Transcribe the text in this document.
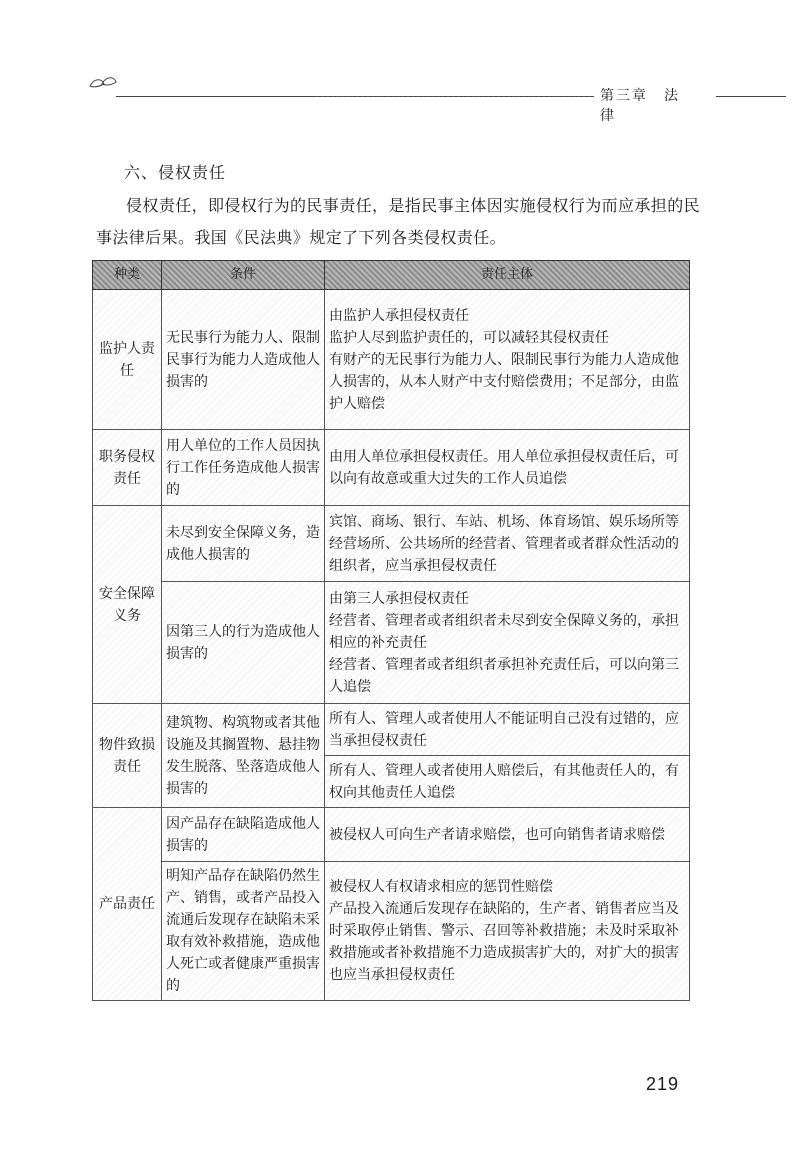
第三章　法律
六、侵权责任
侵权责任，即侵权行为的民事责任，是指民事主体因实施侵权行为而应承担的民事法律后果。我国《民法典》规定了下列各类侵权责任。
种类	条件	责任主体
监护人责任	无民事行为能力人、限制民事行为能力人造成他人损害的	由监护人承担侵权责任
监护人尽到监护责任的，可以减轻其侵权责任
有财产的无民事行为能力人、限制民事行为能力人造成他人损害的，从本人财产中支付赔偿费用；不足部分，由监护人赔偿

职务侵权责任	用人单位的工作人员因执行工作任务造成他人损害的	由用人单位承担侵权责任。用人单位承担侵权责任后，可以向有故意或重大过失的工作人员追偿

安全保障义务	未尽到安全保障义务，造成他人损害的	宾馆、商场、银行、车站、机场、体育场馆、娱乐场所等经营场所、公共场所的经营者、管理者或者群众性活动的组织者，应当承担侵权责任

	因第三人的行为造成他人损害的	由第三人承担侵权责任
经营者、管理者或者组织者未尽到安全保障义务的，承担相应的补充责任
经营者、管理者或者组织者承担补充责任后，可以向第三人追偿

物件致损责任	建筑物、构筑物或者其他设施及其搁置物、悬挂物发生脱落、坠落造成他人损害的	所有人、管理人或者使用人不能证明自己没有过错的，应当承担侵权责任

		所有人、管理人或者使用人赔偿后，有其他责任人的，有权向其他责任人追偿

产品责任	因产品存在缺陷造成他人损害的	被侵权人可向生产者请求赔偿，也可向销售者请求赔偿

	明知产品存在缺陷仍然生产、销售，或者产品投入流通后发现存在缺陷未采取有效补救措施，造成他人死亡或者健康严重损害的	被侵权人有权请求相应的惩罚性赔偿
产品投入流通后发现存在缺陷的，生产者、销售者应当及时采取停止销售、警示、召回等补救措施；未及时采取补救措施或者补救措施不力造成损害扩大的，对扩大的损害也应当承担侵权责任
219
